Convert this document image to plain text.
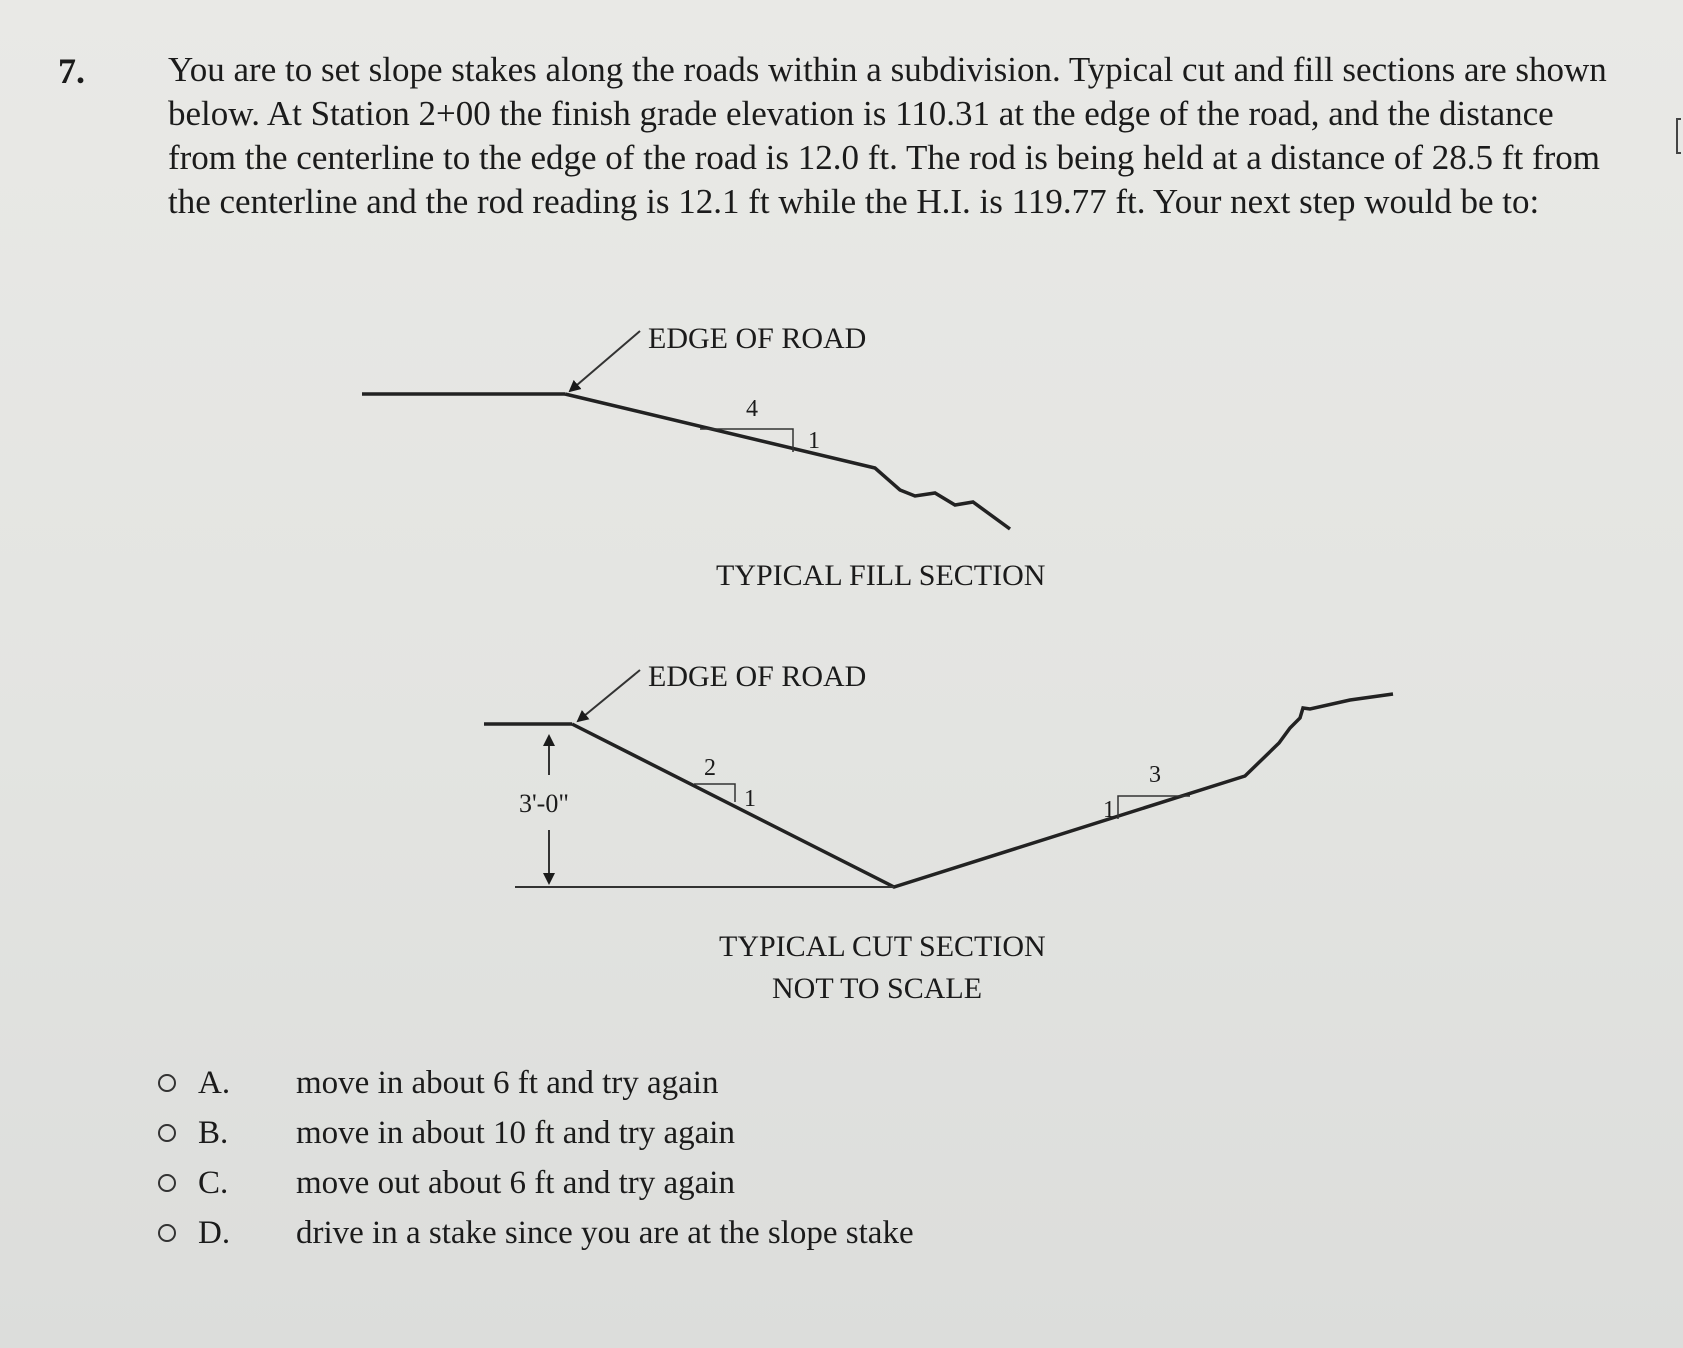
7. You are to set slope stakes along the roads within a subdivision. Typical cut and fill sections are shown below. At Station 2+00 the finish grade elevation is 110.31 at the edge of the road, and the distance from the centerline to the edge of the road is 12.0 ft. The rod is being held at a distance of 28.5 ft from the centerline and the rod reading is 12.1 ft while the H.I. is 119.77 ft. Your next step would be to:
EDGE OF ROAD
4
1
TYPICAL FILL SECTION
EDGE OF ROAD
3'-0"
2
1
3
1
TYPICAL CUT SECTION
NOT TO SCALE
A.	move in about 6 ft and try again
B.	move in about 10 ft and try again
C.	move out about 6 ft and try again
D.	drive in a stake since you are at the slope stake
